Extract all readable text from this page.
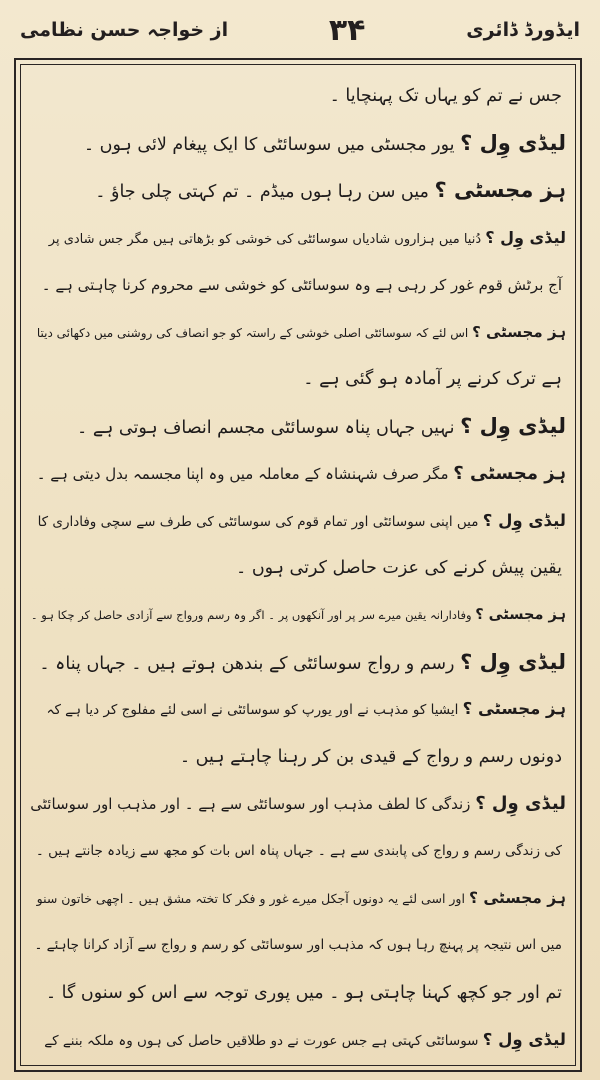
ایڈورڈ ڈائری
۳۴
از خواجہ حسن نظامی
جس نے تم کو یہاں تک پہنچایا ۔
لیڈی وِل ؟ یور مجسٹی میں سوسائٹی کا ایک پیغام لائی ہوں ۔
ہز مجسٹی ؟ میں سن رہا ہوں میڈم ۔ تم کہتی چلی جاؤ ۔
لیڈی وِل ؟ دُنیا میں ہزاروں شادیاں سوسائٹی کی خوشی کو بڑھاتی ہیں مگر جس شادی پر
آج برٹش قوم غور کر رہی ہے وہ سوسائٹی کو خوشی سے محروم کرنا چاہتی ہے ۔
ہز مجسٹی ؟ اس لئے کہ سوسائٹی اصلی خوشی کے راستہ کو جو انصاف کی روشنی میں دکھائی دیتا
ہے ترک کرنے پر آمادہ ہو گئی ہے ۔
لیڈی وِل ؟ نہیں جہاں پناہ سوسائٹی مجسم انصاف ہوتی ہے ۔
ہز مجسٹی ؟ مگر صرف شہنشاہ کے معاملہ میں وہ اپنا مجسمہ بدل دیتی ہے ۔
لیڈی وِل ؟ میں اپنی سوسائٹی اور تمام قوم کی سوسائٹی کی طرف سے سچی وفاداری کا
یقین پیش کرنے کی عزت حاصل کرتی ہوں ۔
ہز مجسٹی ؟ وفادارانہ یقین میرے سر پر اور آنکھوں پر ۔ اگر وہ رسم ورواج سے آزادی حاصل کر چکا ہو ۔
لیڈی وِل ؟ رسم و رواج سوسائٹی کے بندھن ہوتے ہیں ۔ جہاں پناہ ۔
ہز مجسٹی ؟ ایشیا کو مذہب نے اور یورپ کو سوسائٹی نے اسی لئے مفلوج کر دیا ہے کہ
دونوں رسم و رواج کے قیدی بن کر رہنا چاہتے ہیں ۔
لیڈی وِل ؟ زندگی کا لطف مذہب اور سوسائٹی سے ہے ۔ اور مذہب اور سوسائٹی
کی زندگی رسم و رواج کی پابندی سے ہے ۔ جہاں پناہ اس بات کو مجھ سے زیادہ جانتے ہیں ۔
ہز مجسٹی ؟ اور اسی لئے یہ دونوں آجکل میرے غور و فکر کا تختہ مشق ہیں ۔ اچھی خاتون سنو
میں اس نتیجہ پر پہنچ رہا ہوں کہ مذہب اور سوسائٹی کو رسم و رواج سے آزاد کرانا چاہئے ۔
تم اور جو کچھ کہنا چاہتی ہو ۔ میں پوری توجہ سے اس کو سنوں گا ۔
لیڈی وِل ؟ سوسائٹی کہتی ہے جس عورت نے دو طلاقیں حاصل کی ہوں وہ ملکہ بننے کے
